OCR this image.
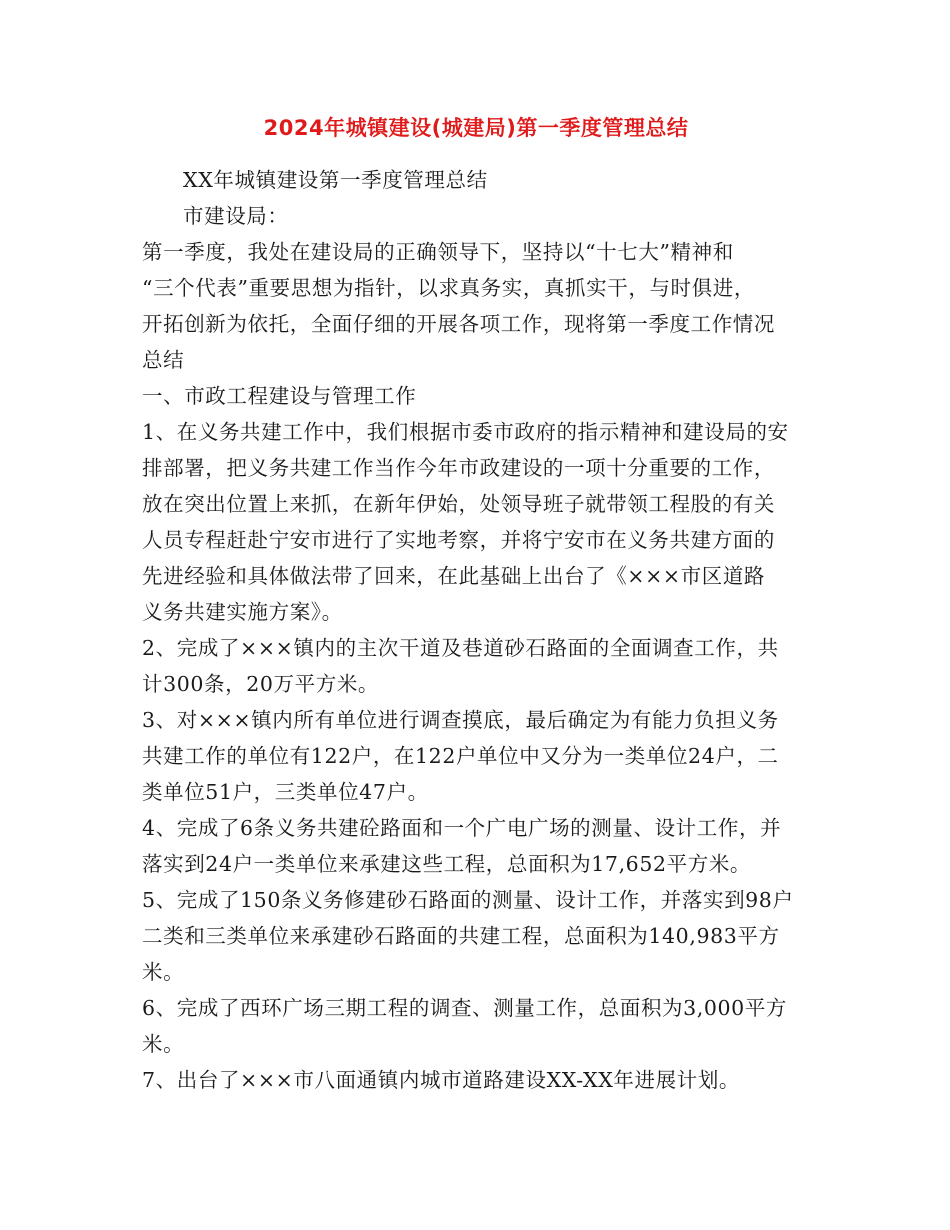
2024年城镇建设(城建局)第一季度管理总结

XX年城镇建设第一季度管理总结

市建设局：

第一季度，我处在建设局的正确领导下，坚持以“十七大”精神和

“三个代表”重要思想为指针，以求真务实，真抓实干，与时俱进，

开拓创新为依托，全面仔细的开展各项工作，现将第一季度工作情况

总结

一、市政工程建设与管理工作

1、在义务共建工作中，我们根据市委市政府的指示精神和建设局的安

排部署，把义务共建工作当作今年市政建设的一项十分重要的工作，

放在突出位置上来抓，在新年伊始，处领导班子就带领工程股的有关

人员专程赶赴宁安市进行了实地考察，并将宁安市在义务共建方面的

先进经验和具体做法带了回来，在此基础上出台了《×××市区道路

义务共建实施方案》。

2、完成了×××镇内的主次干道及巷道砂石路面的全面调查工作，共

计300条，20万平方米。

3、对×××镇内所有单位进行调查摸底，最后确定为有能力负担义务

共建工作的单位有122户，在122户单位中又分为一类单位24户，二

类单位51户，三类单位47户。

4、完成了6条义务共建砼路面和一个广电广场的测量、设计工作，并

落实到24户一类单位来承建这些工程，总面积为17,652平方米。

5、完成了150条义务修建砂石路面的测量、设计工作，并落实到98户

二类和三类单位来承建砂石路面的共建工程，总面积为140,983平方

米。

6、完成了西环广场三期工程的调查、测量工作，总面积为3,000平方

米。

7、出台了×××市八面通镇内城市道路建设XX-XX年进展计划。
